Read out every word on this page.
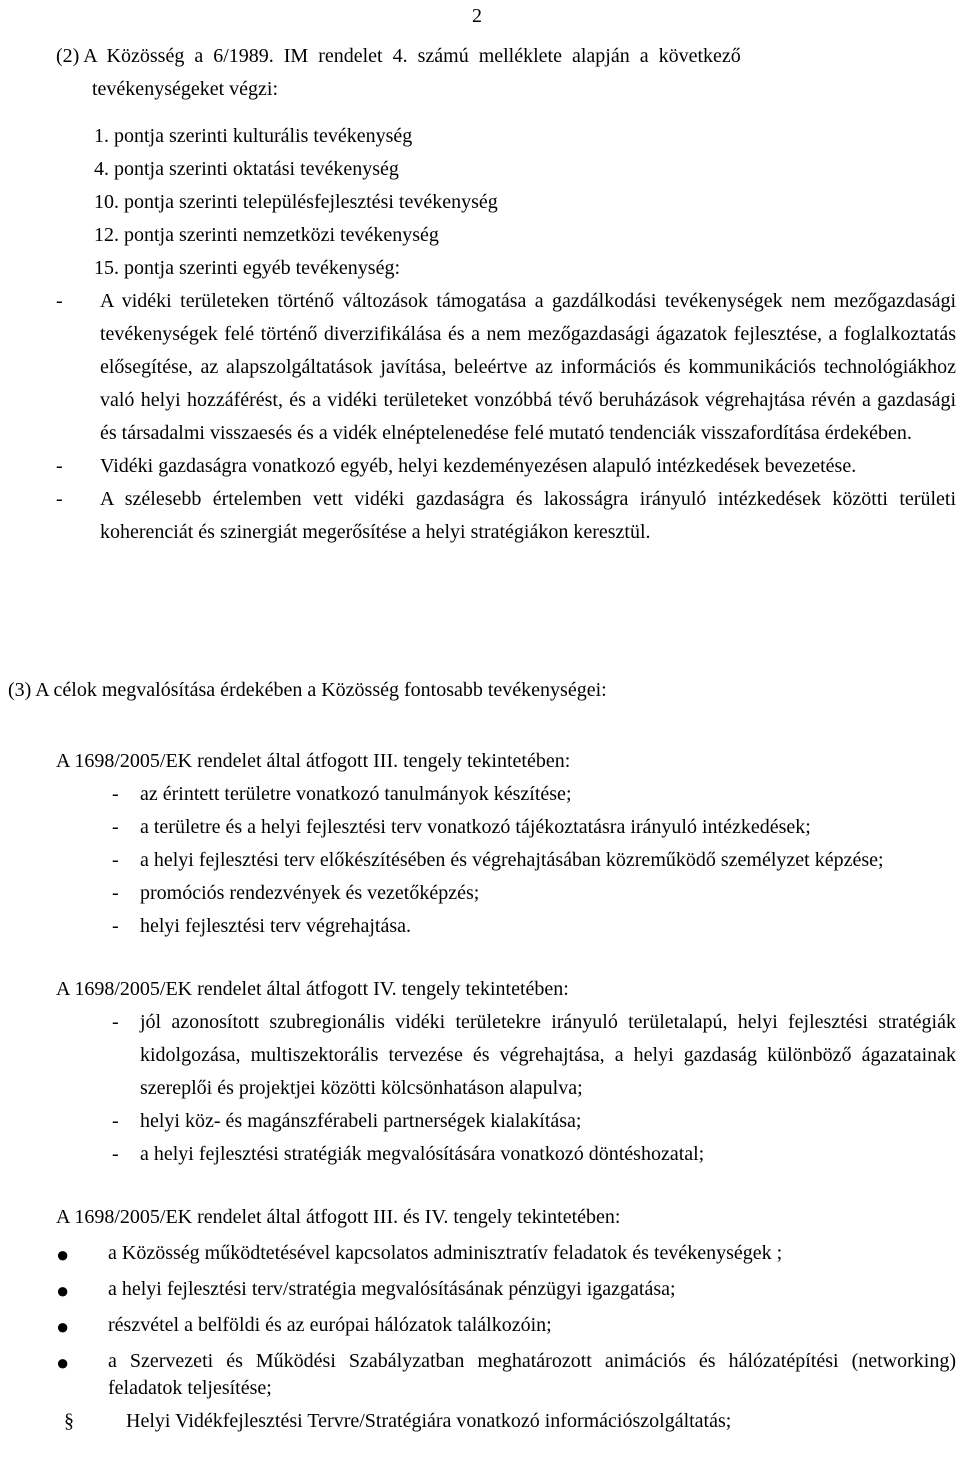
2
(2) A  Közösség  a  6/1989.  IM  rendelet  4.  számú  melléklete  alapján  a  következő
tevékenységeket végzi:
1. pontja szerinti kulturális tevékenység
4. pontja szerinti oktatási tevékenység
10. pontja szerinti településfejlesztési tevékenység
12. pontja szerinti nemzetközi tevékenység
15. pontja szerinti egyéb tevékenység:
-	A vidéki területeken történő változások támogatása a gazdálkodási tevékenységek nem mezőgazdasági tevékenységek felé történő diverzifikálása és a nem mezőgazdasági ágazatok fejlesztése, a foglalkoztatás elősegítése, az alapszolgáltatások javítása, beleértve az információs és kommunikációs technológiákhoz való helyi hozzáférést, és a vidéki területeket vonzóbbá tévő beruházások végrehajtása révén a gazdasági és társadalmi visszaesés és a vidék elnéptelenedése felé mutató tendenciák visszafordítása érdekében.
-	Vidéki gazdaságra vonatkozó egyéb, helyi kezdeményezésen alapuló intézkedések bevezetése.
-	A szélesebb értelemben vett vidéki gazdaságra és lakosságra irányuló intézkedések közötti területi koherenciát és szinergiát megerősítése a helyi stratégiákon keresztül.
(3) A célok megvalósítása érdekében a Közösség fontosabb tevékenységei:
A 1698/2005/EK rendelet által átfogott III. tengely tekintetében:
-	az érintett területre vonatkozó tanulmányok készítése;
-	a területre és a helyi fejlesztési terv vonatkozó tájékoztatásra irányuló intézkedések;
-	a helyi fejlesztési terv előkészítésében és végrehajtásában közreműködő személyzet képzése;
-	promóciós rendezvények és vezetőképzés;
-	helyi fejlesztési terv végrehajtása.
A 1698/2005/EK rendelet által átfogott IV. tengely tekintetében:
-	jól azonosított szubregionális vidéki területekre irányuló területalapú, helyi fejlesztési stratégiák kidolgozása, multiszektorális tervezése és végrehajtása, a helyi gazdaság különböző ágazatainak szereplői és projektjei közötti kölcsönhatáson alapulva;
-	helyi köz- és magánszférabeli partnerségek kialakítása;
-	a helyi fejlesztési stratégiák megvalósítására vonatkozó döntéshozatal;
A 1698/2005/EK rendelet által átfogott III. és IV. tengely tekintetében:
●	a Közösség működtetésével kapcsolatos adminisztratív feladatok és tevékenységek ;
●	a helyi fejlesztési terv/stratégia megvalósításának pénzügyi igazgatása;
●	részvétel a belföldi és az európai hálózatok találkozóin;
●	a Szervezeti és Működési Szabályzatban meghatározott animációs és hálózatépítési (networking) feladatok teljesítése;
§	Helyi Vidékfejlesztési Tervre/Stratégiára vonatkozó információszolgáltatás;
